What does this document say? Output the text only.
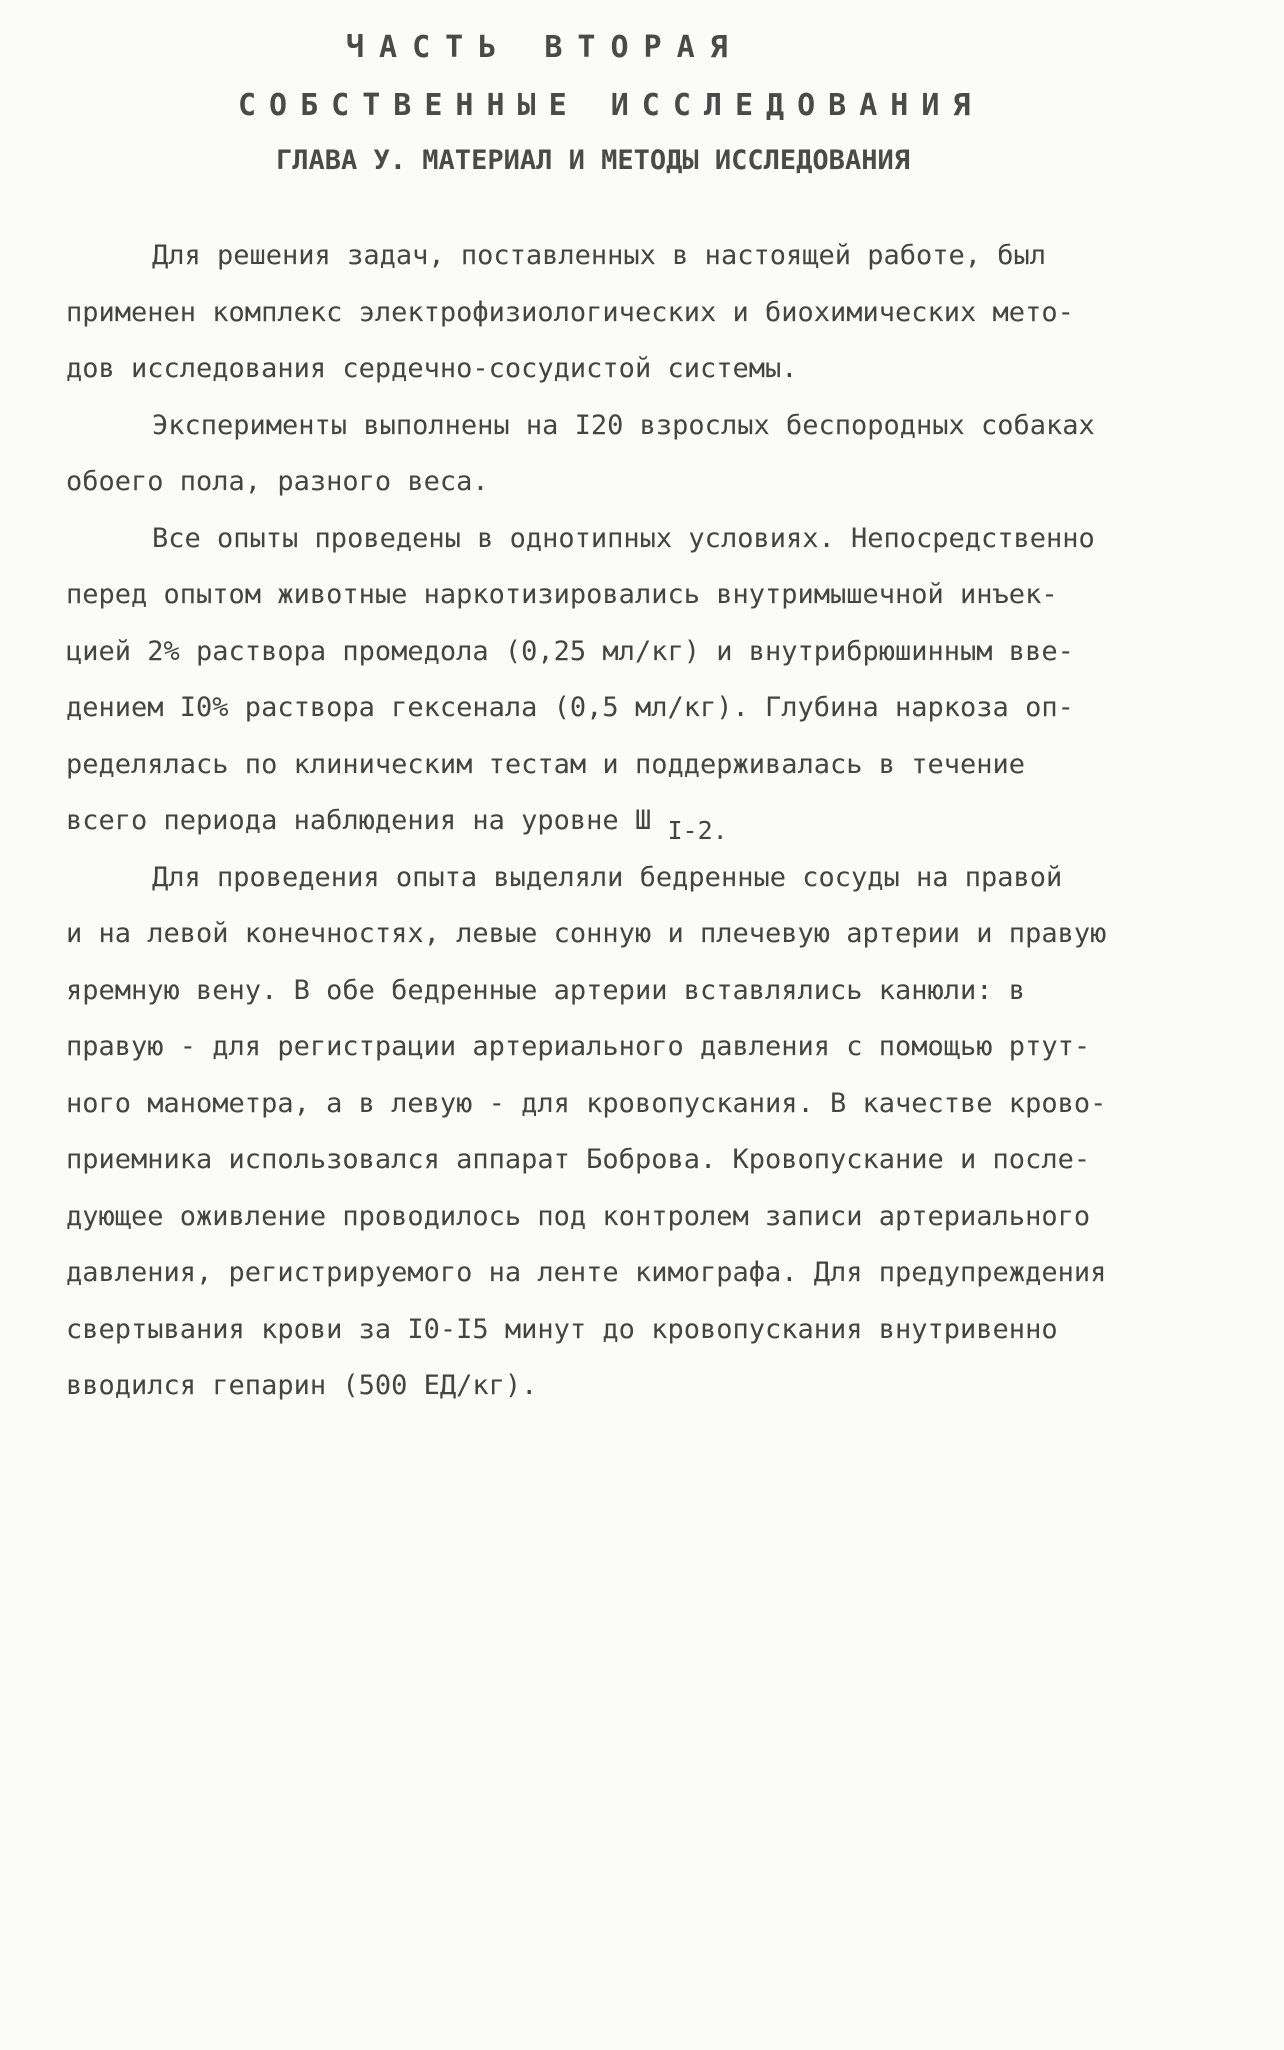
ЧАСТЬ ВТОРАЯ
СОБСТВЕННЫЕ ИССЛЕДОВАНИЯ
ГЛАВА У. МАТЕРИАЛ И МЕТОДЫ ИССЛЕДОВАНИЯ
Для решения задач, поставленных в настоящей работе, был
применен комплекс электрофизиологических и биохимических мето-
дов исследования сердечно-сосудистой системы.
Эксперименты выполнены на I20 взрослых беспородных собаках
обоего пола, разного веса.
Все опыты проведены в однотипных условиях. Непосредственно
перед опытом животные наркотизировались внутримышечной инъек-
цией 2% раствора промедола (0,25 мл/кг) и внутрибрюшинным вве-
дением I0% раствора гексенала (0,5 мл/кг). Глубина наркоза оп-
ределялась по клиническим тестам и поддерживалась в течение
всего периода наблюдения на уровне Ш I-2.
Для проведения опыта выделяли бедренные сосуды на правой
и на левой конечностях, левые сонную и плечевую артерии и правую
яремную вену. В обе бедренные артерии вставлялись канюли: в
правую - для регистрации артериального давления с помощью ртут-
ного манометра, а в левую - для кровопускания. В качестве крово-
приемника использовался аппарат Боброва. Кровопускание и после-
дующее оживление проводилось под контролем записи артериального
давления, регистрируемого на ленте кимографа. Для предупреждения
свертывания крови за I0-I5 минут до кровопускания внутривенно
вводился гепарин (500 ЕД/кг).
